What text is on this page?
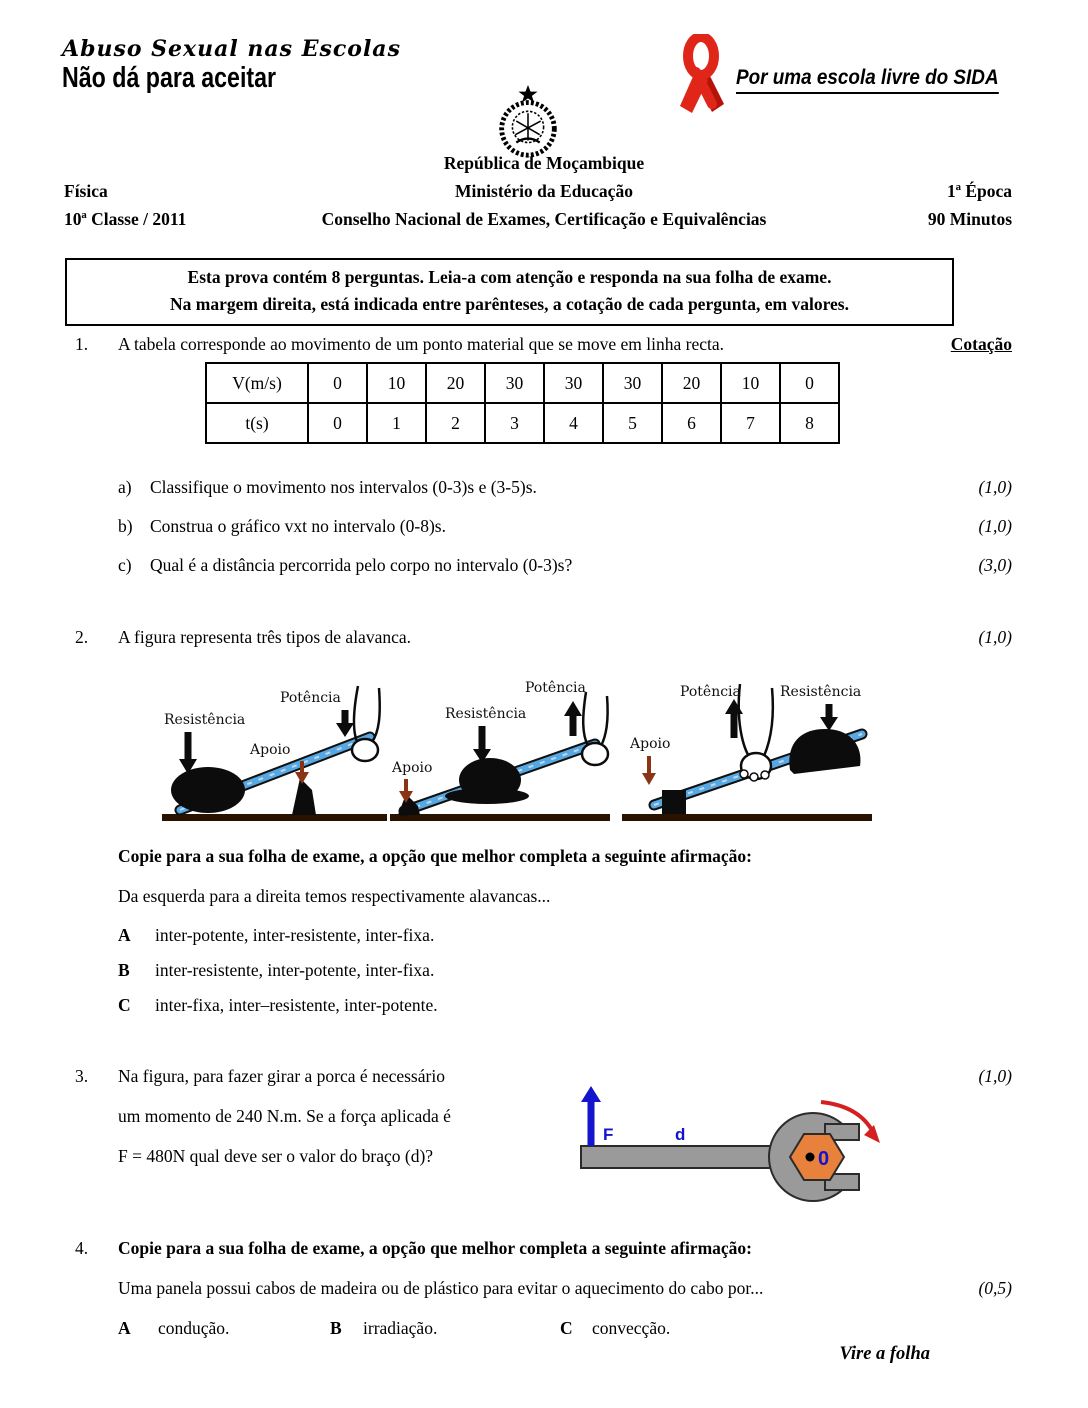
Abuso Sexual nas Escolas
Não dá para aceitar	Por uma escola livre do SIDA
República de Moçambique
Física	Ministério da Educação	1ª Época
10ª Classe / 2011	Conselho Nacional de Exames, Certificação e Equivalências	90 Minutos
Esta prova contém 8 perguntas. Leia-a com atenção e responda na sua folha de exame.
Na margem direita, está indicada entre parênteses, a cotação de cada pergunta, em valores.
1. A tabela corresponde ao movimento de um ponto material que se move em linha recta.	Cotação
V(m/s)	0	10	20	30	30	30	20	10	0
t(s)	0	1	2	3	4	5	6	7	8
a) Classifique o movimento nos intervalos (0-3)s e (3-5)s.	(1,0)
b) Construa o gráfico vxt no intervalo (0-8)s.	(1,0)
c) Qual é a distância percorrida pelo corpo no intervalo (0-3)s?	(3,0)
2. A figura representa três tipos de alavanca.	(1,0)
Resistência
Apoio
Potência
Resistência
Apoio
Potência	Potência	Resistência
Apoio
Copie para a sua folha de exame, a opção que melhor completa a seguinte afirmação:
Da esquerda para a direita temos respectivamente alavancas...
A inter-potente, inter-resistente, inter-fixa.
B inter-resistente, inter-potente, inter-fixa.
C inter-fixa, inter–resistente, inter-potente.
3. Na figura, para fazer girar a porca é necessário	(1,0)
um momento de 240 N.m. Se a força aplicada é
F = 480N qual deve ser o valor do braço (d)?	0
F	d
4. Copie para a sua folha de exame, a opção que melhor completa a seguinte afirmação:
Uma panela possui cabos de madeira ou de plástico para evitar o aquecimento do cabo por...	(0,5)
A condução.	B irradiação.	C convecção.
Vire a folha
